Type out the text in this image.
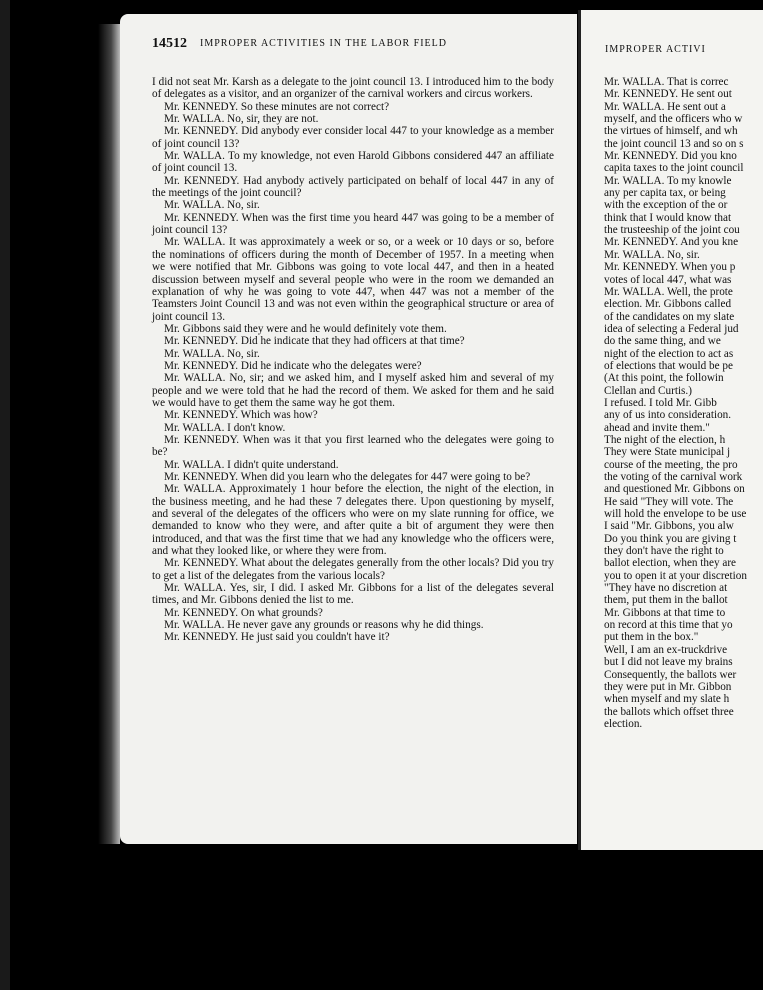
14512 IMPROPER ACTIVITIES IN THE LABOR FIELD

I did not seat Mr. Karsh as a delegate to the joint council 13. I introduced him to the body of delegates as a visitor, and an organizer of the carnival workers and circus workers.

Mr. KENNEDY. So these minutes are not correct?

Mr. WALLA. No, sir, they are not.

Mr. KENNEDY. Did anybody ever consider local 447 to your knowledge as a member of joint council 13?

Mr. WALLA. To my knowledge, not even Harold Gibbons considered 447 an affiliate of joint council 13.

Mr. KENNEDY. Had anybody actively participated on behalf of local 447 in any of the meetings of the joint council?

Mr. WALLA. No, sir.

Mr. KENNEDY. When was the first time you heard 447 was going to be a member of joint council 13?

Mr. WALLA. It was approximately a week or so, or a week or 10 days or so, before the nominations of officers during the month of December of 1957. In a meeting when we were notified that Mr. Gibbons was going to vote local 447, and then in a heated discussion between myself and several people who were in the room we demanded an explanation of why he was going to vote 447, when 447 was not a member of the Teamsters Joint Council 13 and was not even within the geographical structure or area of joint council 13.

Mr. Gibbons said they were and he would definitely vote them.

Mr. KENNEDY. Did he indicate that they had officers at that time?

Mr. WALLA. No, sir.

Mr. KENNEDY. Did he indicate who the delegates were?

Mr. WALLA. No, sir; and we asked him, and I myself asked him and several of my people and we were told that he had the record of them. We asked for them and he said we would have to get them the same way he got them.

Mr. KENNEDY. Which was how?

Mr. WALLA. I don't know.

Mr. KENNEDY. When was it that you first learned who the delegates were going to be?

Mr. WALLA. I didn't quite understand.

Mr. KENNEDY. When did you learn who the delegates for 447 were going to be?

Mr. WALLA. Approximately 1 hour before the election, the night of the election, in the business meeting, and he had these 7 delegates there. Upon questioning by myself, and several of the delegates of the officers who were on my slate running for office, we demanded to know who they were, and after quite a bit of argument they were then introduced, and that was the first time that we had any knowledge who the officers were, and what they looked like, or where they were from.

Mr. KENNEDY. What about the delegates generally from the other locals? Did you try to get a list of the delegates from the various locals?

Mr. WALLA. Yes, sir, I did. I asked Mr. Gibbons for a list of the delegates several times, and Mr. Gibbons denied the list to me.

Mr. KENNEDY. On what grounds?

Mr. WALLA. He never gave any grounds or reasons why he did things.

Mr. KENNEDY. He just said you couldn't have it?

IMPROPER ACTIVI

Mr. WALLA. That is correc

Mr. KENNEDY. He sent out

Mr. WALLA. He sent out a

myself, and the officers who w

the virtues of himself, and wh

the joint council 13 and so on s

Mr. KENNEDY. Did you kno

capita taxes to the joint council

Mr. WALLA. To my knowle

any per capita tax, or being

with the exception of the or

think that I would know that

the trusteeship of the joint cou

Mr. KENNEDY. And you kne

Mr. WALLA. No, sir.

Mr. KENNEDY. When you p

votes of local 447, what was

Mr. WALLA. Well, the prote

election. Mr. Gibbons called

of the candidates on my slate

idea of selecting a Federal jud

do the same thing, and we

night of the election to act as

of elections that would be pe

(At this point, the followin

Clellan and Curtis.)

I refused. I told Mr. Gibb

any of us into consideration.

ahead and invite them."

The night of the election, h

They were State municipal j

course of the meeting, the pro

the voting of the carnival work

and questioned Mr. Gibbons on

He said "They will vote. The

will hold the envelope to be use

I said "Mr. Gibbons, you alw

Do you think you are giving t

they don't have the right to

ballot election, when they are

you to open it at your discretion

"They have no discretion at

them, put them in the ballot

Mr. Gibbons at that time to

on record at this time that yo

put them in the box."

Well, I am an ex-truckdrive

but I did not leave my brains

Consequently, the ballots wer

they were put in Mr. Gibbon

when myself and my slate h

the ballots which offset three

election.
